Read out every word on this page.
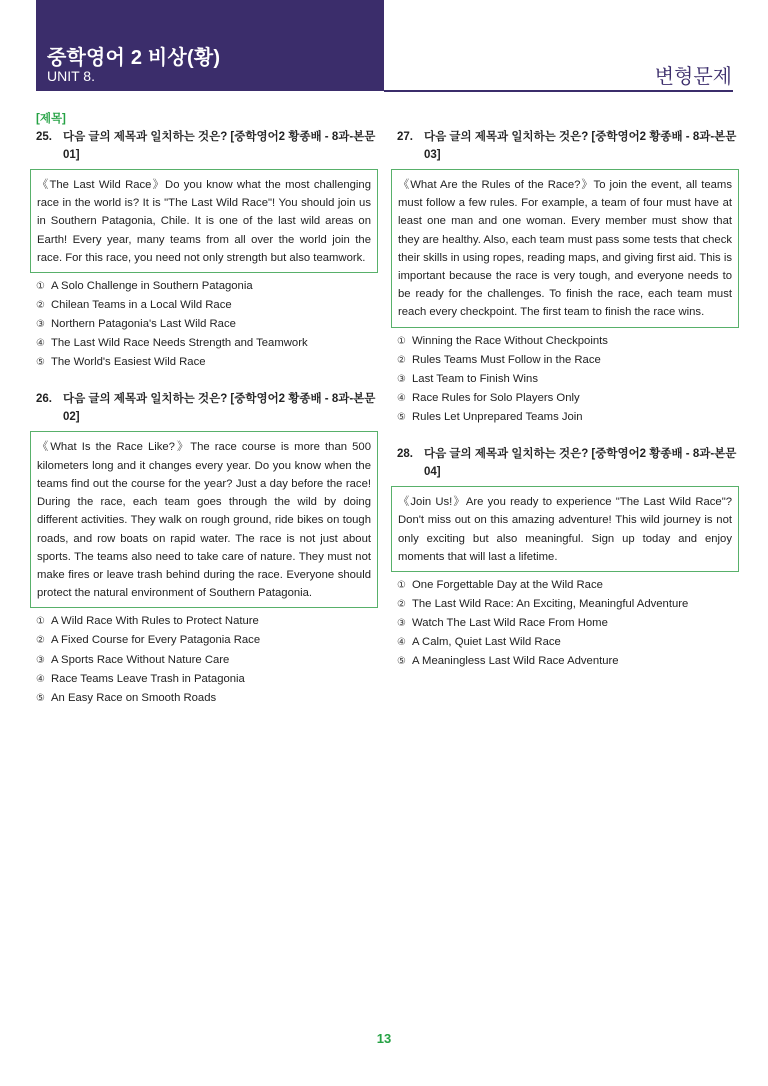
중학영어 2 비상(황)
UNIT 8.	변형문제
[제목]

25. 다음 글의 제목과 일치하는 것은? [중학영어2 황종배 - 8과-본문 01]

《The Last Wild Race》Do you know what the most challenging race in the world is? It is "The Last Wild Race"! You should join us in Southern Patagonia, Chile. It is one of the last wild areas on Earth! Every year, many teams from all over the world join the race. For this race, you need not only strength but also teamwork.
① A Solo Challenge in Southern Patagonia
② Chilean Teams in a Local Wild Race
③ Northern Patagonia's Last Wild Race
④ The Last Wild Race Needs Strength and Teamwork
⑤ The World's Easiest Wild Race

26. 다음 글의 제목과 일치하는 것은? [중학영어2 황종배 - 8과-본문 02]

《What Is the Race Like?》The race course is more than 500 kilometers long and it changes every year. Do you know when the teams find out the course for the year? Just a day before the race! During the race, each team goes through the wild by doing different activities. They walk on rough ground, ride bikes on tough roads, and row boats on rapid water. The race is not just about sports. The teams also need to take care of nature. They must not make fires or leave trash behind during the race. Everyone should protect the natural environment of Southern Patagonia.
① A Wild Race With Rules to Protect Nature
② A Fixed Course for Every Patagonia Race
③ A Sports Race Without Nature Care
④ Race Teams Leave Trash in Patagonia
⑤ An Easy Race on Smooth Roads

27. 다음 글의 제목과 일치하는 것은? [중학영어2 황종배 - 8과-본문 03]

《What Are the Rules of the Race?》To join the event, all teams must follow a few rules. For example, a team of four must have at least one man and one woman. Every member must show that they are healthy. Also, each team must pass some tests that check their skills in using ropes, reading maps, and giving first aid. This is important because the race is very tough, and everyone needs to be ready for the challenges. To finish the race, each team must reach every checkpoint. The first team to finish the race wins.
① Winning the Race Without Checkpoints
② Rules Teams Must Follow in the Race
③ Last Team to Finish Wins
④ Race Rules for Solo Players Only
⑤ Rules Let Unprepared Teams Join

28. 다음 글의 제목과 일치하는 것은? [중학영어2 황종배 - 8과-본문 04]

《Join Us!》Are you ready to experience "The Last Wild Race"? Don't miss out on this amazing adventure! This wild journey is not only exciting but also meaningful. Sign up today and enjoy moments that will last a lifetime.
① One Forgettable Day at the Wild Race
② The Last Wild Race: An Exciting, Meaningful Adventure
③ Watch The Last Wild Race From Home
④ A Calm, Quiet Last Wild Race
⑤ A Meaningless Last Wild Race Adventure
13
